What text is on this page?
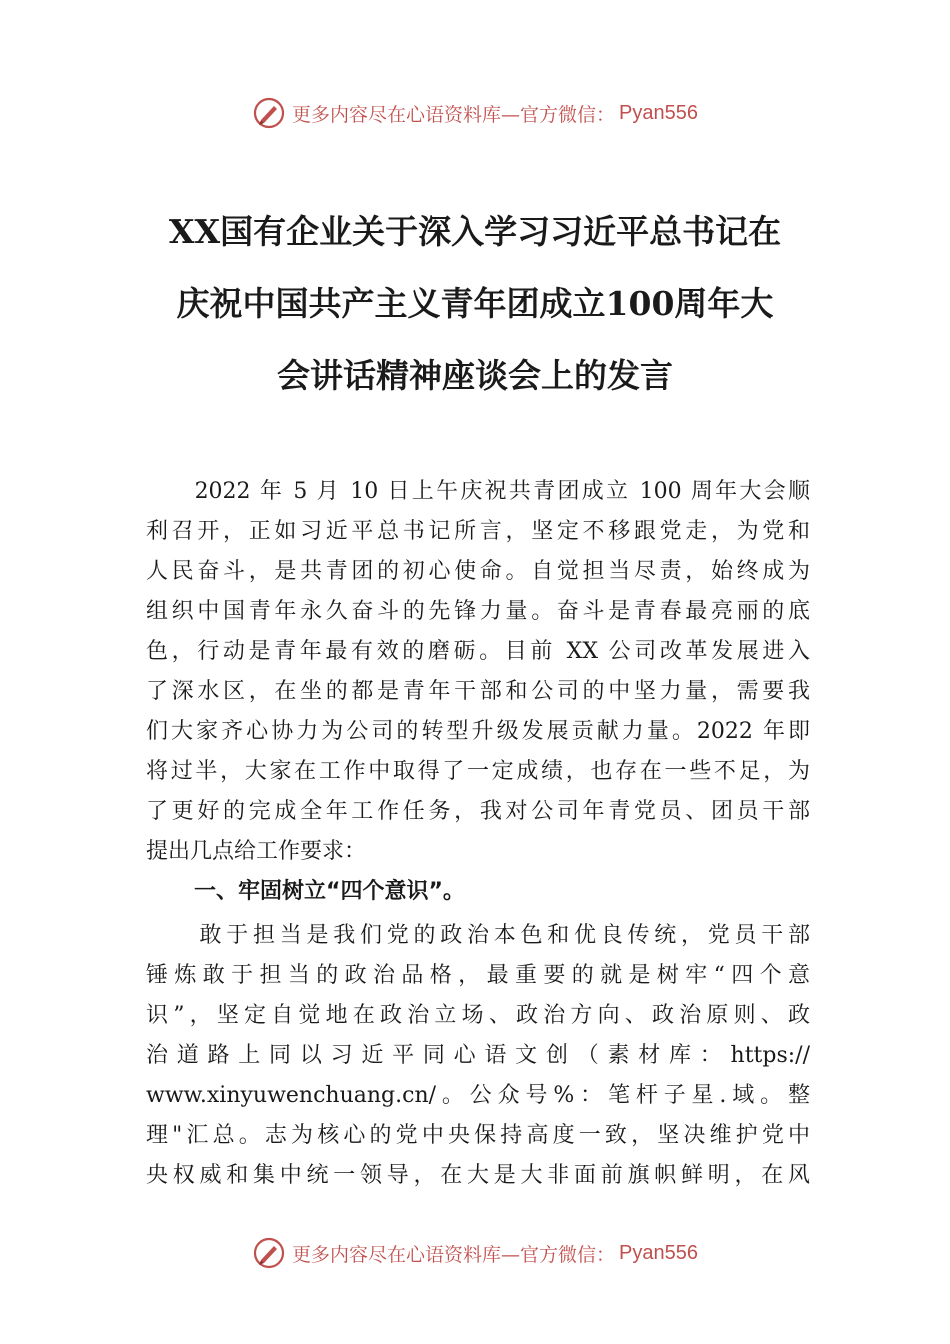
更多内容尽在心语资料库—官方微信： Pyan556
XX国有企业关于深入学习习近平总书记在
庆祝中国共产主义青年团成立100周年大
会讲话精神座谈会上的发言
　　2022 年 5 月 10 日上午庆祝共青团成立 100 周年大会顺
利召开，正如习近平总书记所言，坚定不移跟党走，为党和
人民奋斗，是共青团的初心使命。自觉担当尽责，始终成为
组织中国青年永久奋斗的先锋力量。奋斗是青春最亮丽的底
色，行动是青年最有效的磨砺。目前 XX 公司改革发展进入
了深水区，在坐的都是青年干部和公司的中坚力量，需要我
们大家齐心协力为公司的转型升级发展贡献力量。2022 年即
将过半，大家在工作中取得了一定成绩，也存在一些不足，为
了更好的完成全年工作任务，我对公司年青党员、团员干部
提出几点给工作要求：
一、牢固树立“四个意识”。
　　敢于担当是我们党的政治本色和优良传统，党员干部
锤炼敢于担当的政治品格，最重要的就是树牢“四个意
识”，坚定自觉地在政治立场、政治方向、政治原则、政
治道路上同以习近平同心语文创（素材库：https://
www.xinyuwenchuang.cn/。公众号%：笔杆子星.域。整
理"汇总。志为核心的党中央保持高度一致，坚决维护党中
央权威和集中统一领导，在大是大非面前旗帜鲜明，在风
更多内容尽在心语资料库—官方微信： Pyan556
